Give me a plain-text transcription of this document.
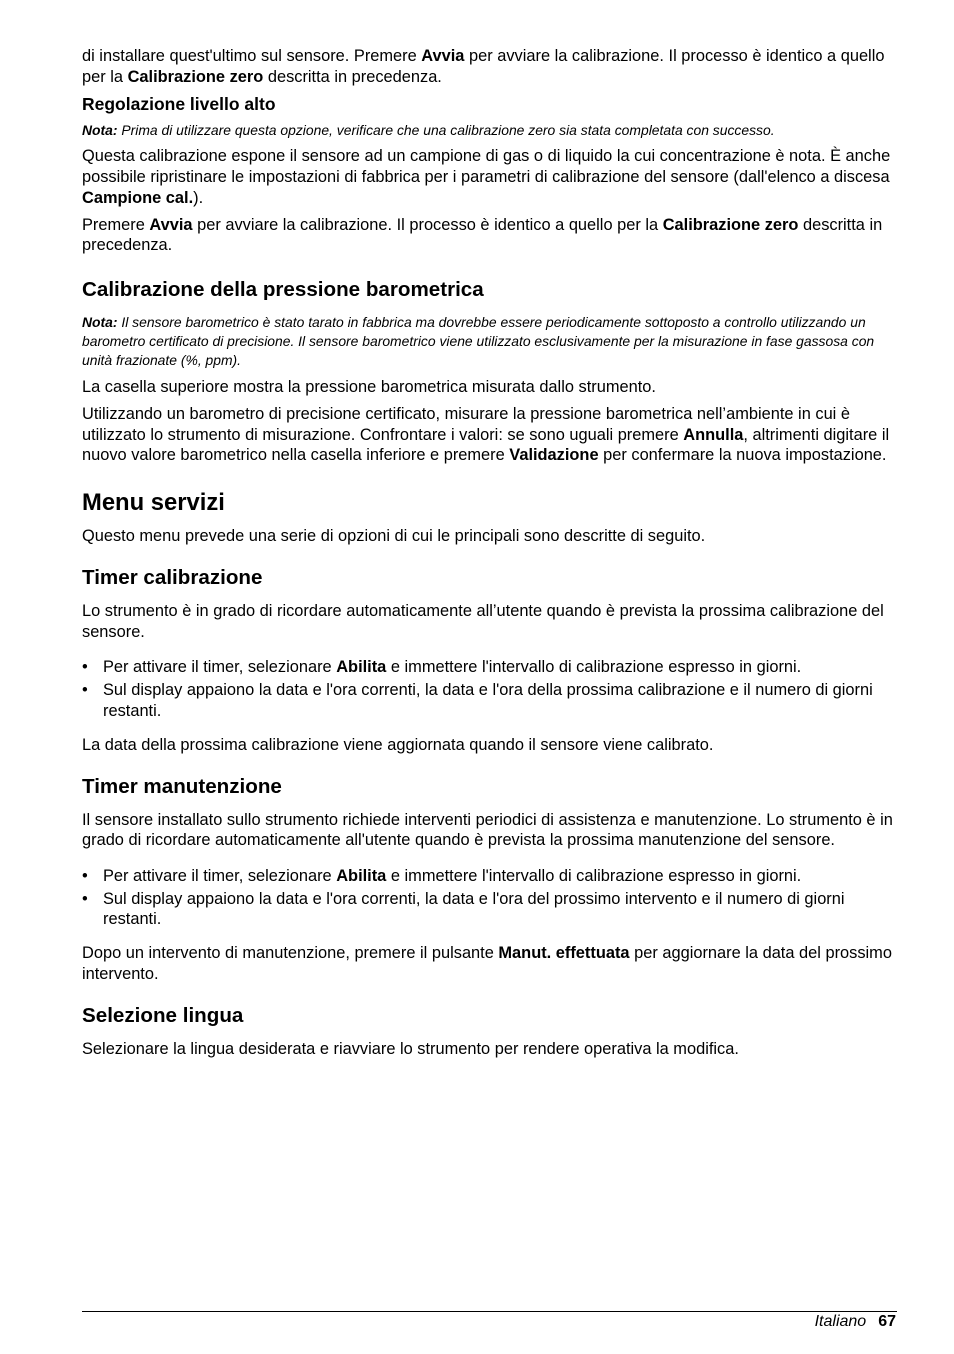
di installare quest'ultimo sul sensore. Premere Avvia per avviare la calibrazione. Il processo è identico a quello per la Calibrazione zero descritta in precedenza.

Regolazione livello alto

Nota: Prima di utilizzare questa opzione, verificare che una calibrazione zero sia stata completata con successo.

Questa calibrazione espone il sensore ad un campione di gas o di liquido la cui concentrazione è nota. È anche possibile ripristinare le impostazioni di fabbrica per i parametri di calibrazione del sensore (dall'elenco a discesa Campione cal.).

Premere Avvia per avviare la calibrazione. Il processo è identico a quello per la Calibrazione zero descritta in precedenza.

Calibrazione della pressione barometrica

Nota: Il sensore barometrico è stato tarato in fabbrica ma dovrebbe essere periodicamente sottoposto a controllo utilizzando un barometro certificato di precisione. Il sensore barometrico viene utilizzato esclusivamente per la misurazione in fase gassosa con unità frazionate (%, ppm).

La casella superiore mostra la pressione barometrica misurata dallo strumento.

Utilizzando un barometro di precisione certificato, misurare la pressione barometrica nell’ambiente in cui è utilizzato lo strumento di misurazione. Confrontare i valori: se sono uguali premere Annulla, altrimenti digitare il nuovo valore barometrico nella casella inferiore e premere Validazione per confermare la nuova impostazione.

Menu servizi

Questo menu prevede una serie di opzioni di cui le principali sono descritte di seguito.

Timer calibrazione

Lo strumento è in grado di ricordare automaticamente all’utente quando è prevista la prossima calibrazione del sensore.

• Per attivare il timer, selezionare Abilita e immettere l'intervallo di calibrazione espresso in giorni.
• Sul display appaiono la data e l'ora correnti, la data e l'ora della prossima calibrazione e il numero di giorni restanti.

La data della prossima calibrazione viene aggiornata quando il sensore viene calibrato.

Timer manutenzione

Il sensore installato sullo strumento richiede interventi periodici di assistenza e manutenzione. Lo strumento è in grado di ricordare automaticamente all'utente quando è prevista la prossima manutenzione del sensore.

• Per attivare il timer, selezionare Abilita e immettere l'intervallo di calibrazione espresso in giorni.
• Sul display appaiono la data e l'ora correnti, la data e l'ora del prossimo intervento e il numero di giorni restanti.

Dopo un intervento di manutenzione, premere il pulsante Manut. effettuata per aggiornare la data del prossimo intervento.

Selezione lingua

Selezionare la lingua desiderata e riavviare lo strumento per rendere operativa la modifica.

Italiano 67
